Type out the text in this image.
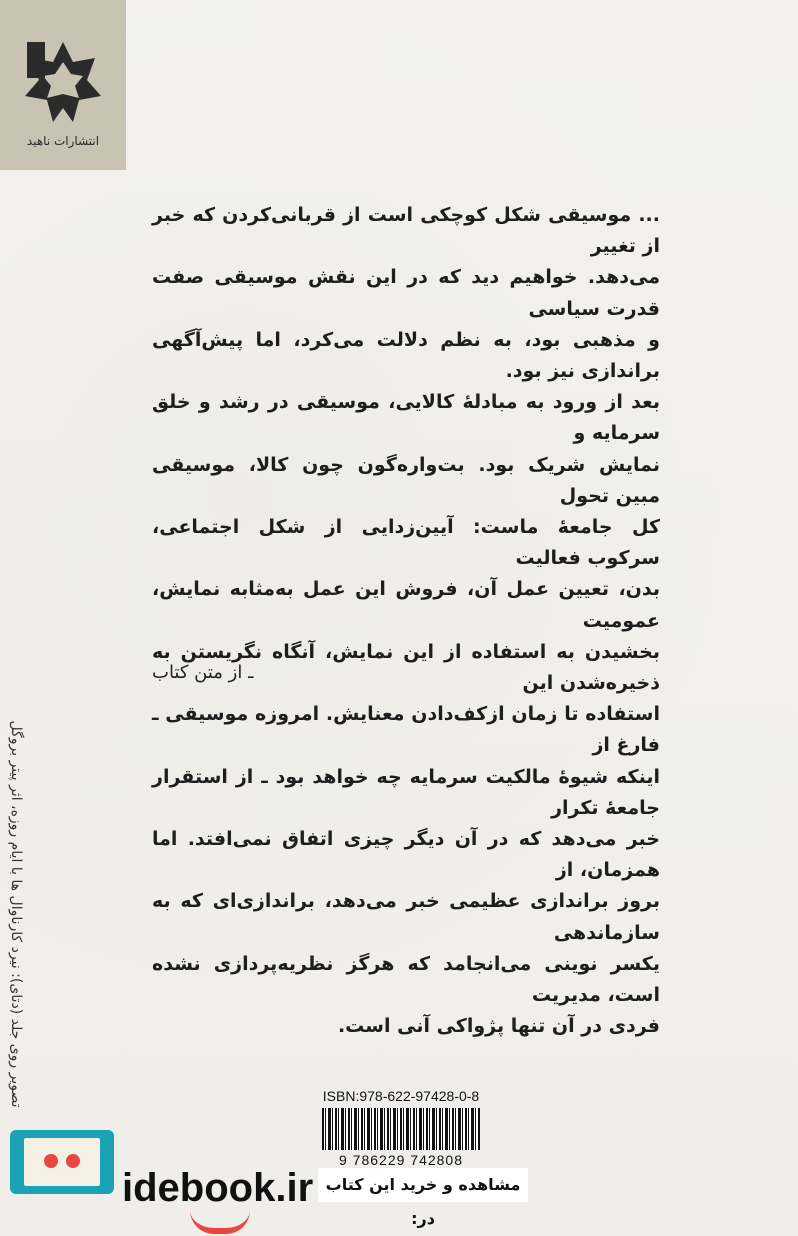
انتشارات ناهید

... موسیقی شکل کوچکی است از قربانی‌کردن که خبر از تغییر

می‌دهد. خواهیم دید که در این نقش موسیقی صفت قدرت سیاسی

و مذهبی بود، به نظم دلالت می‌کرد، اما پیش‌آگهی براندازی نیز بود.

بعد از ورود به مبادلهٔ کالایی، موسیقی در رشد و خلق سرمایه و

نمایش شریک بود. بت‌واره‌گون چون کالا، موسیقی مبین تحول

کل جامعهٔ ماست: آیین‌زدایی از شکل اجتماعی، سرکوب فعالیت

بدن، تعیین عمل آن، فروش این عمل به‌مثابه نمایش، عمومیت

بخشیدن به استفاده از این نمایش، آنگاه نگریستن به ذخیره‌شدن این

استفاده تا زمان ازکف‌دادن معنایش. امروزه موسیقی ـ فارغ از

اینکه شیوهٔ مالکیت سرمایه چه خواهد بود ـ از استقرار جامعهٔ تکرار

خبر می‌دهد که در آن دیگر چیزی اتفاق نمی‌افتد. اما همزمان، از

بروز براندازی عظیمی خبر می‌دهد، براندازی‌ای که به سازماندهی

یکسر نوینی می‌انجامد که هرگز نظریه‌پردازی نشده است، مدیریت

فردی در آن تنها پژواکی آنی است.

ـ از متن کتاب
تصویر روی جلد (دتای): نیرد کارناوال ها با ایام روزه، اثر پیتر بروگل	ISBN:978-622-97428-0-8
9 786229 742808
idebook.ir مشاهده و خرید این کتاب در:
